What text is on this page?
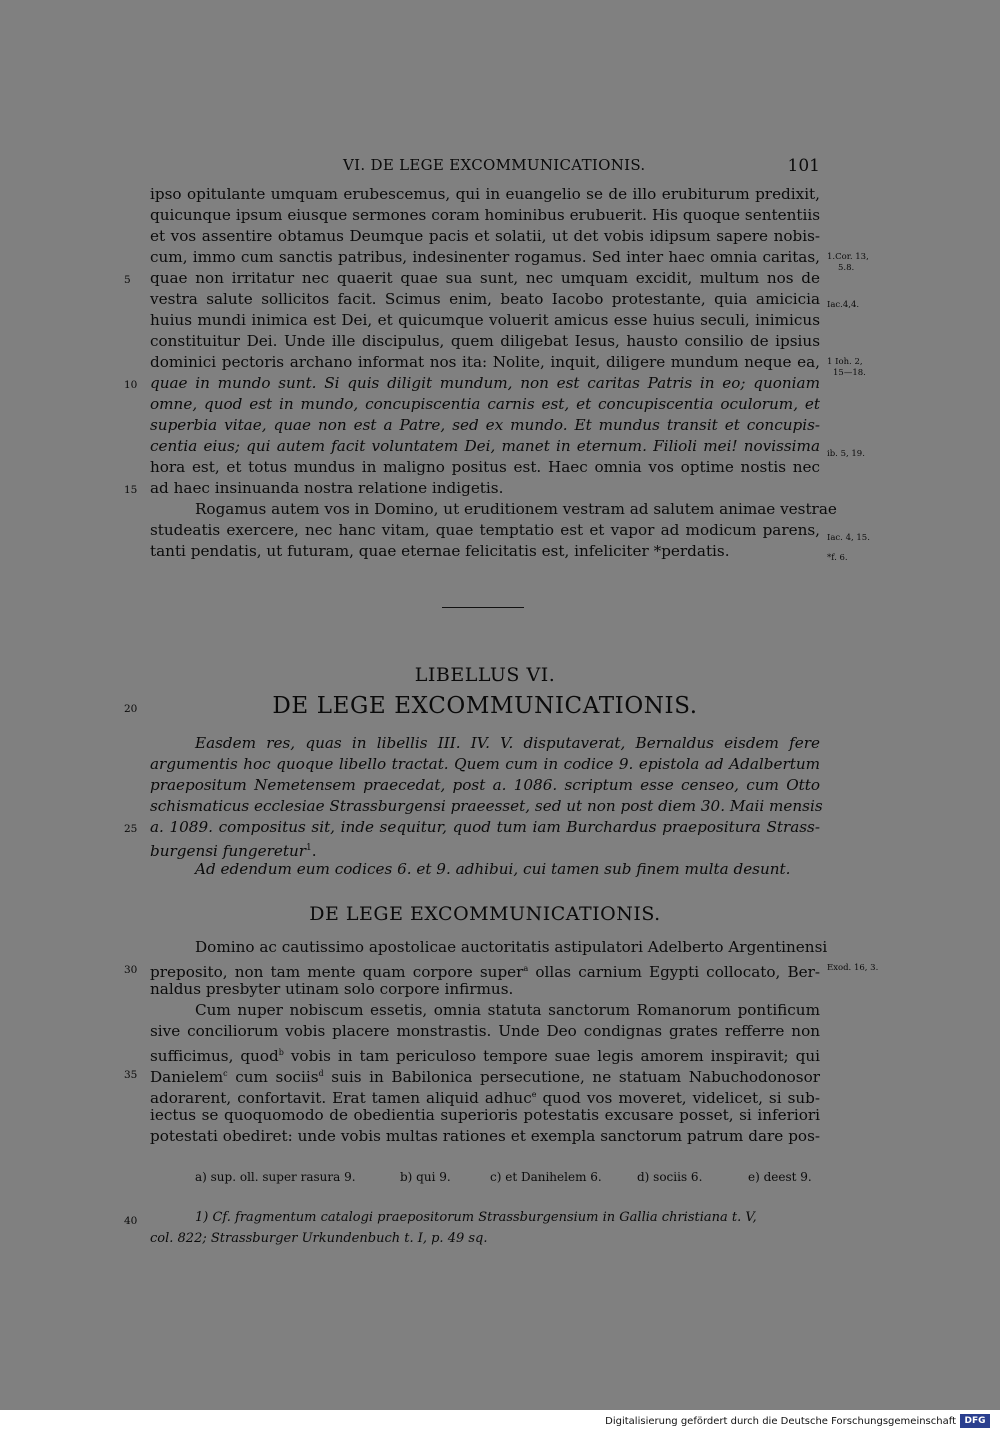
VI. DE LEGE EXCOMMUNICATIONIS.	101
ipso opitulante umquam erubescemus, qui in euangelio se de illo erubiturum predixit,
quicunque ipsum eiusque sermones coram hominibus erubuerit. His quoque sententiis
et vos assentire obtamus Deumque pacis et solatii, ut det vobis idipsum sapere nobis-
cum, immo cum sanctis patribus, indesinenter rogamus. Sed inter haec omnia caritas,
quae non irritatur nec quaerit quae sua sunt, nec umquam excidit, multum nos de
vestra salute sollicitos facit. Scimus enim, beato Iacobo protestante, quia amicicia
huius mundi inimica est Dei, et quicumque voluerit amicus esse huius seculi, inimicus
constituitur Dei. Unde ille discipulus, quem diligebat Iesus, hausto consilio de ipsius
dominici pectoris archano informat nos ita: Nolite, inquit, diligere mundum neque ea,
quae in mundo sunt. Si quis diligit mundum, non est caritas Patris in eo; quoniam
omne, quod est in mundo, concupiscentia carnis est, et concupiscentia oculorum, et
superbia vitae, quae non est a Patre, sed ex mundo. Et mundus transit et concupis-
centia eius; qui autem facit voluntatem Dei, manet in eternum. Filioli mei! novissima
hora est, et totus mundus in maligno positus est. Haec omnia vos optime nostis nec
ad haec insinuanda nostra relatione indigetis.
Rogamus autem vos in Domino, ut eruditionem vestram ad salutem animae vestrae
studeatis exercere, nec hanc vitam, quae temptatio est et vapor ad modicum parens,
tanti pendatis, ut futuram, quae eternae felicitatis est, infeliciter *perdatis.
5
10
15
1.Cor. 13,
5.8.
Iac.4,4.
1 Ioh. 2,
15—18.
ib. 5, 19.
Iac. 4, 15.
*f. 6.
LIBELLUS VI.
20	DE LEGE EXCOMMUNICATIONIS.
Easdem res, quas in libellis III. IV. V. disputaverat, Bernaldus eisdem fere
argumentis hoc quoque libello tractat. Quem cum in codice 9. epistola ad Adalbertum
praepositum Nemetensem praecedat, post a. 1086. scriptum esse censeo, cum Otto
schismaticus ecclesiae Strassburgensi praeesset, sed ut non post diem 30. Maii mensis
a. 1089. compositus sit, inde sequitur, quod tum iam Burchardus praepositura Strass-
burgensi fungeretur$^1$.
Ad edendum eum codices 6. et 9. adhibui, cui tamen sub finem multa desunt.
25
DE LEGE EXCOMMUNICATIONIS.
Domino ac cautissimo apostolicae auctoritatis astipulatori Adelberto Argentinensi
preposito, non tam mente quam corpore super$^a$ ollas carnium Egypti collocato, Ber-
naldus presbyter utinam solo corpore infirmus.
Cum nuper nobiscum essetis, omnia statuta sanctorum Romanorum pontificum
sive conciliorum vobis placere monstrastis. Unde Deo condignas grates refferre non
sufficimus, quod$^b$ vobis in tam periculoso tempore suae legis amorem inspiravit; qui
Danielem$^c$ cum sociis$^d$ suis in Babilonica persecutione, ne statuam Nabuchodonosor
adorarent, confortavit. Erat tamen aliquid adhuc$^e$ quod vos moveret, videlicet, si sub-
iectus se quoquomodo de obedientia superioris potestatis excusare posset, si inferiori
potestati obediret: unde vobis multas rationes et exempla sanctorum patrum dare pos-
30
35
Exod. 16, 3.
a) sup. oll. super rasura 9.	b) qui 9.	c) et Danihelem 6.	d) sociis 6.	e) deest 9.
40	1) Cf. fragmentum catalogi praepositorum Strassburgensium in Gallia christiana t. V,
col. 822; Strassburger Urkundenbuch t. I, p. 49 sq.
Digitalisierung gefördert durch die Deutsche Forschungsgemeinschaft DFG
